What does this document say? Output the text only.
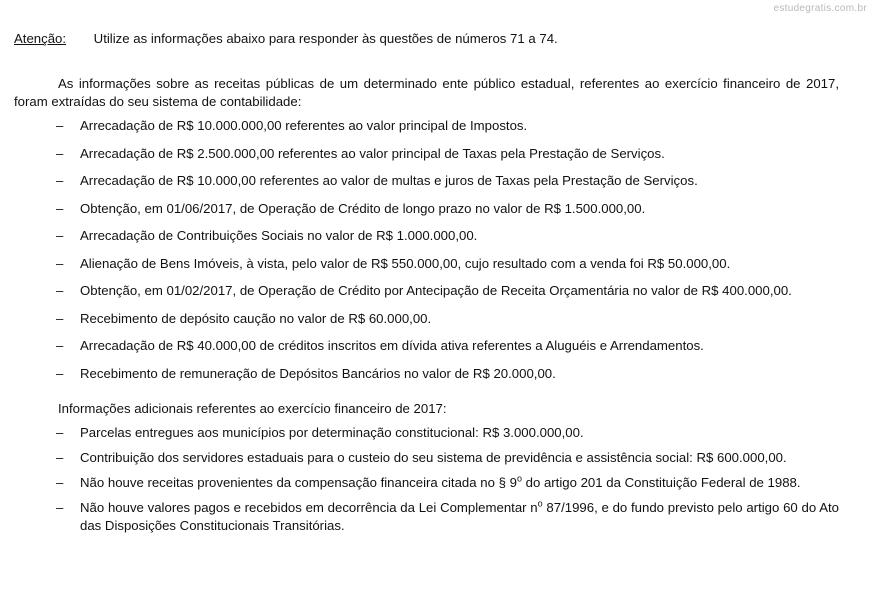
estudegratis.com.br
Atenção: Utilize as informações abaixo para responder às questões de números 71 a 74.

As informações sobre as receitas públicas de um determinado ente público estadual, referentes ao exercício financeiro de 2017, foram extraídas do seu sistema de contabilidade:

– Arrecadação de R$ 10.000.000,00 referentes ao valor principal de Impostos.
– Arrecadação de R$ 2.500.000,00 referentes ao valor principal de Taxas pela Prestação de Serviços.
– Arrecadação de R$ 10.000,00 referentes ao valor de multas e juros de Taxas pela Prestação de Serviços.
– Obtenção, em 01/06/2017, de Operação de Crédito de longo prazo no valor de R$ 1.500.000,00.
– Arrecadação de Contribuições Sociais no valor de R$ 1.000.000,00.
– Alienação de Bens Imóveis, à vista, pelo valor de R$ 550.000,00, cujo resultado com a venda foi R$ 50.000,00.
– Obtenção, em 01/02/2017, de Operação de Crédito por Antecipação de Receita Orçamentária no valor de R$ 400.000,00.
– Recebimento de depósito caução no valor de R$ 60.000,00.
– Arrecadação de R$ 40.000,00 de créditos inscritos em dívida ativa referentes a Aluguéis e Arrendamentos.
– Recebimento de remuneração de Depósitos Bancários no valor de R$ 20.000,00.
Informações adicionais referentes ao exercício financeiro de 2017:
– Parcelas entregues aos municípios por determinação constitucional: R$ 3.000.000,00.
– Contribuição dos servidores estaduais para o custeio do seu sistema de previdência e assistência social: R$ 600.000,00.
– Não houve receitas provenientes da compensação financeira citada no § 9$^o$ do artigo 201 da Constituição Federal de 1988.
– Não houve valores pagos e recebidos em decorrência da Lei Complementar $n^o$ 87/1996, e do fundo previsto pelo artigo 60 do Ato das Disposições Constitucionais Transitórias.
